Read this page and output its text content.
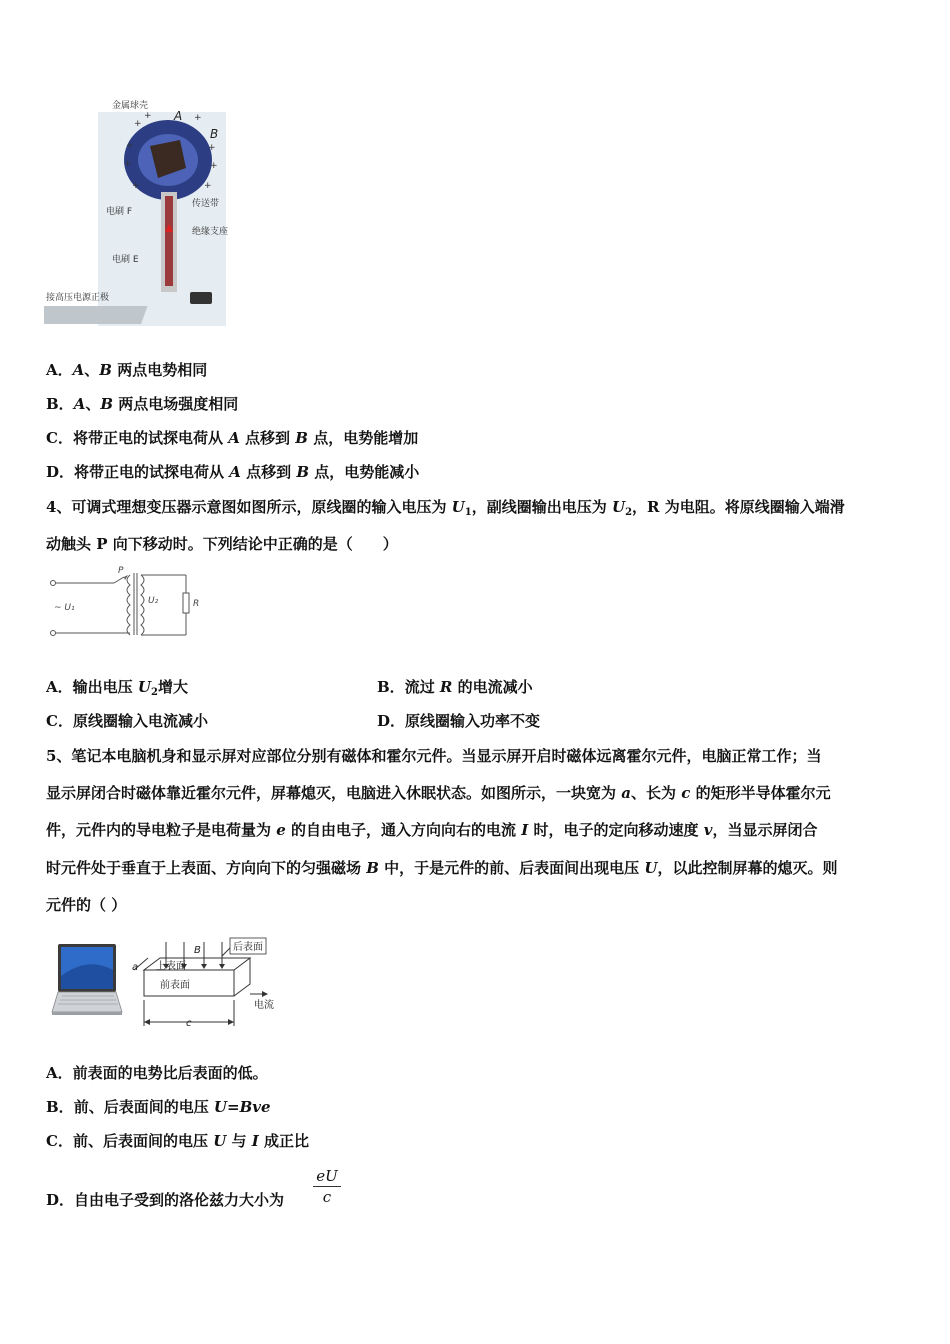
金属球壳
A
B
电刷 F
传送带
绝缘支座
电刷 E
接高压电源正极
+
+	+
+
+
+
+
+	+
A．A、B 两点电势相同
B．A、B 两点电场强度相同
C．将带正电的试探电荷从 A 点移到 B 点，电势能增加
D．将带正电的试探电荷从 A 点移到 B 点，电势能减小
4、可调式理想变压器示意图如图所示，原线圈的输入电压为 $U_1$，副线圈输出电压为 $U_2$，R 为电阻。将原线圈输入端滑
动触头 P 向下移动时。下列结论中正确的是（　　）
P
~ U₁
U₂	R
A．输出电压 $U_2$增大	B．流过 R 的电流减小
C．原线圈输入电流减小	D．原线圈输入功率不变
5、笔记本电脑机身和显示屏对应部位分别有磁体和霍尔元件。当显示屏开启时磁体远离霍尔元件，电脑正常工作；当
显示屏闭合时磁体靠近霍尔元件，屏幕熄灭，电脑进入休眠状态。如图所示，一块宽为 a、长为 c 的矩形半导体霍尔元
件，元件内的导电粒子是电荷量为 e 的自由电子，通入方向向右的电流 I 时，电子的定向移动速度 v，当显示屏闭合
时元件处于垂直于上表面、方向向下的匀强磁场 B 中，于是元件的前、后表面间出现电压 U，以此控制屏幕的熄灭。则
元件的（ ）
后表面
B
上表面
前表面
电流
a
c
A．前表面的电势比后表面的低。
B．前、后表面间的电压 U=Bve
C．前、后表面间的电压 U 与 I 成正比
D．自由电子受到的洛伦兹力大小为 $\frac{eU}{c}$
